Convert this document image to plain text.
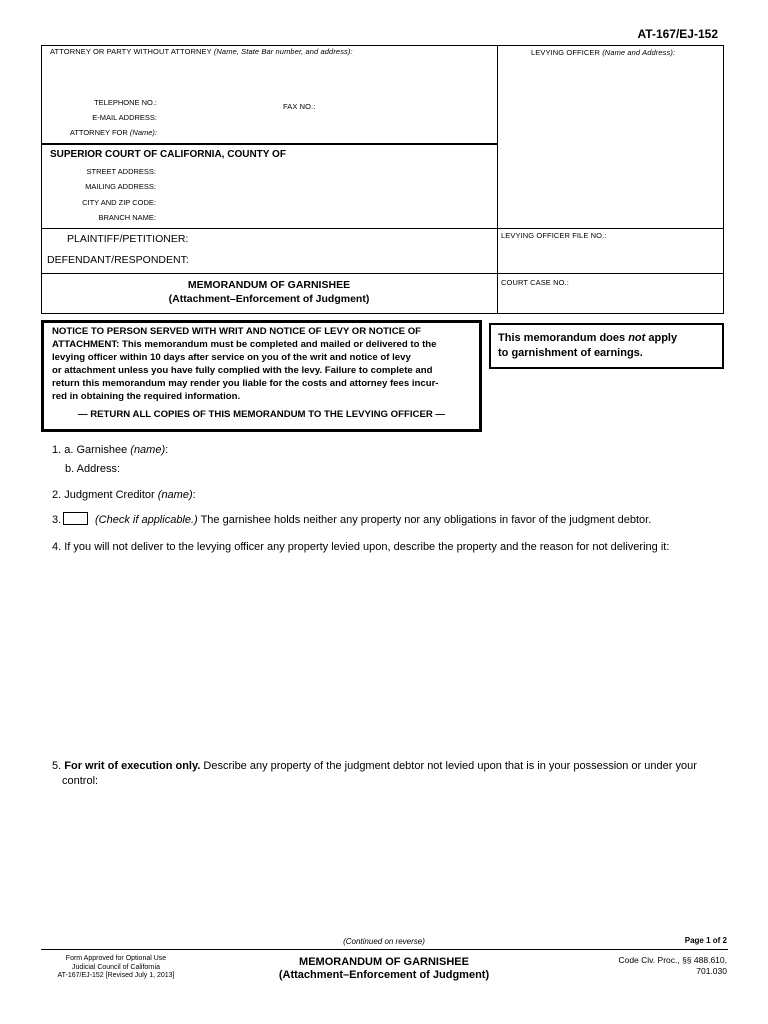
AT-167/EJ-152
ATTORNEY OR PARTY WITHOUT ATTORNEY (Name, State Bar number, and address):	LEVYING OFFICER (Name and Address):
TELEPHONE NO.:	FAX NO.:
E-MAIL ADDRESS:
ATTORNEY FOR (Name):
SUPERIOR COURT OF CALIFORNIA, COUNTY OF
STREET ADDRESS:
MAILING ADDRESS:
CITY AND ZIP CODE:
BRANCH NAME:
PLAINTIFF/PETITIONER:
DEFENDANT/RESPONDENT:
LEVYING OFFICER FILE NO.:
MEMORANDUM OF GARNISHEE
(Attachment–Enforcement of Judgment)
COURT CASE NO.:
NOTICE TO PERSON SERVED WITH WRIT AND NOTICE OF LEVY OR NOTICE OF
ATTACHMENT: This memorandum must be completed and mailed or delivered to the
levying officer within 10 days after service on you of the writ and notice of levy
or attachment unless you have fully complied with the levy. Failure to complete and
return this memorandum may render you liable for the costs and attorney fees incur-
red in obtaining the required information.
— RETURN ALL COPIES OF THIS MEMORANDUM TO THE LEVYING OFFICER —
This memorandum does not apply
to garnishment of earnings.
1. a. Garnishee (name):
b. Address:
2. Judgment Creditor (name):
3.	(Check if applicable.) The garnishee holds neither any property nor any obligations in favor of the judgment debtor.
4. If you will not deliver to the levying officer any property levied upon, describe the property and the reason for not delivering it:
5. For writ of execution only. Describe any property of the judgment debtor not levied upon that is in your possession or under your
control:
(Continued on reverse)	Page 1 of 2
Form Approved for Optional Use
Judicial Council of California
AT-167/EJ-152 [Revised July 1, 2013]
MEMORANDUM OF GARNISHEE
(Attachment–Enforcement of Judgment)
Code Civ. Proc., §§ 488.610,
701.030
